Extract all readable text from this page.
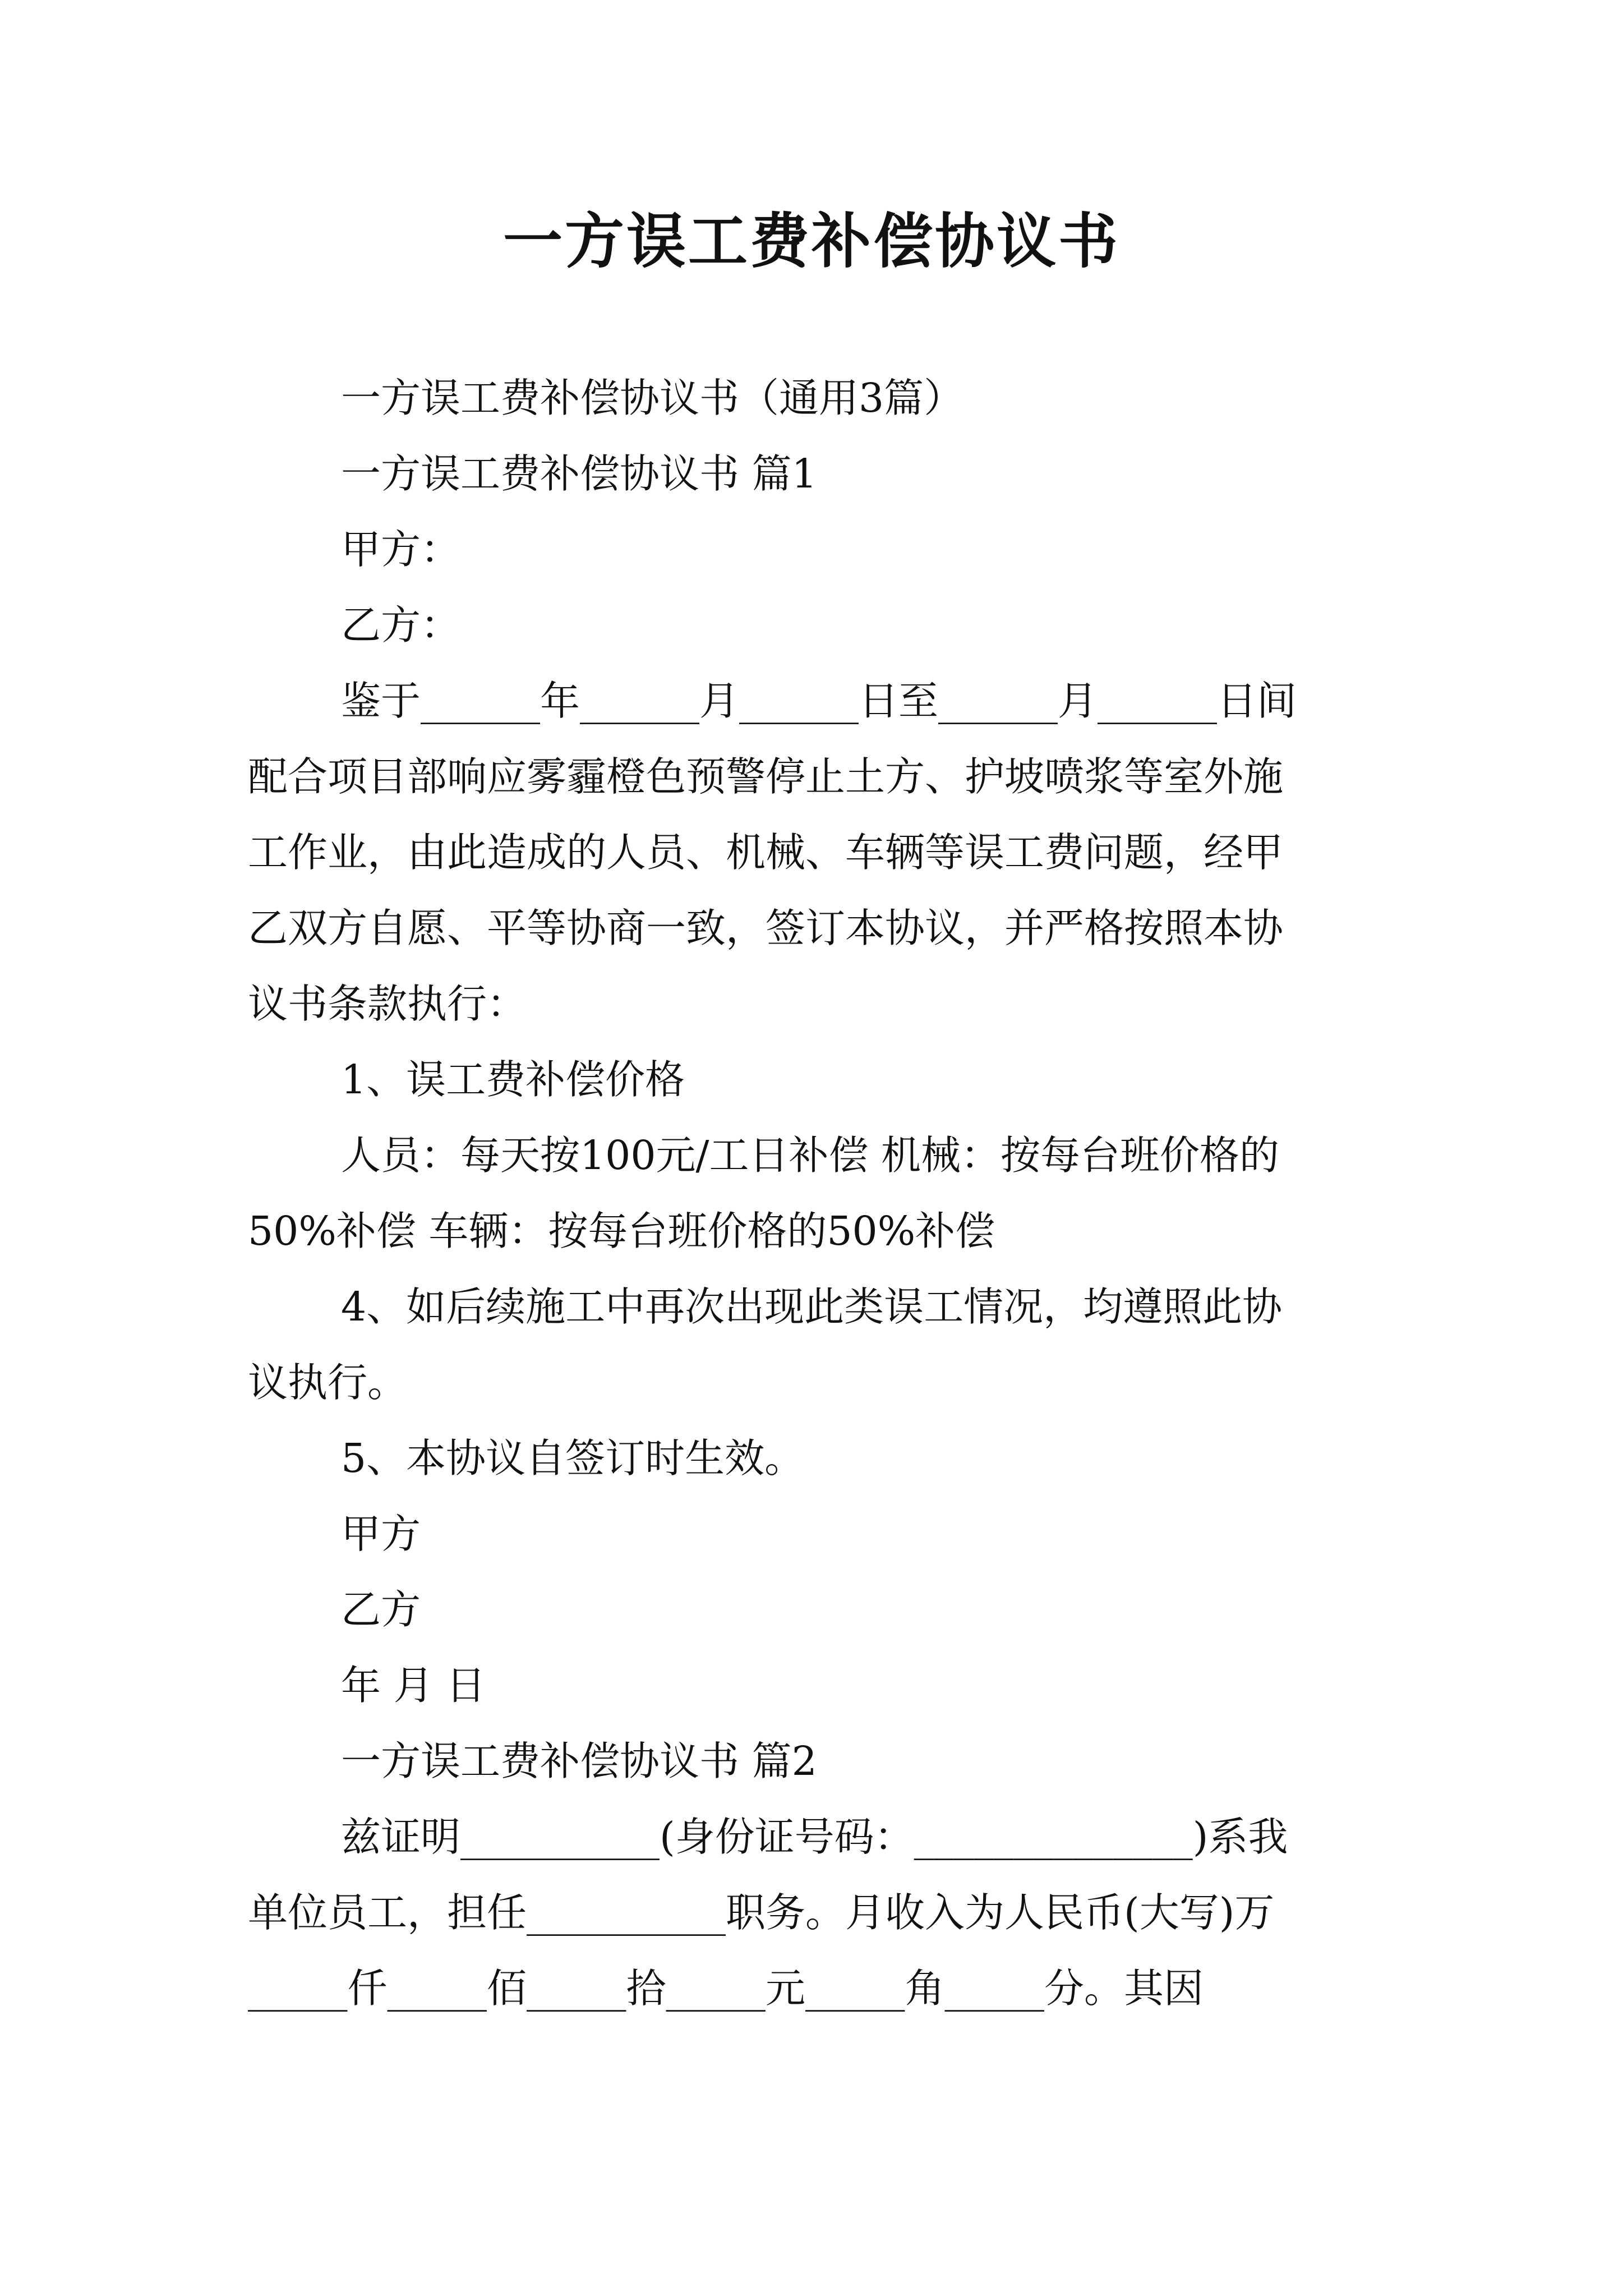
一方误工费补偿协议书

一方误工费补偿协议书（通用3篇）

一方误工费补偿协议书 篇1

甲方：

乙方：

鉴于______年______月______日至______月______日间

配合项目部响应雾霾橙色预警停止土方、护坡喷浆等室外施

工作业，由此造成的人员、机械、车辆等误工费问题，经甲

乙双方自愿、平等协商一致，签订本协议，并严格按照本协

议书条款执行：

1、误工费补偿价格

人员：每天按100元/工日补偿 机械：按每台班价格的

50%补偿 车辆：按每台班价格的50%补偿

4、如后续施工中再次出现此类误工情况，均遵照此协

议执行。

5、本协议自签订时生效。

甲方

乙方

年 月 日

一方误工费补偿协议书 篇2

兹证明__________(身份证号码：______________)系我

单位员工，担任__________职务。月收入为人民币(大写)万

_____仟_____佰_____拾_____元_____角_____分。其因
